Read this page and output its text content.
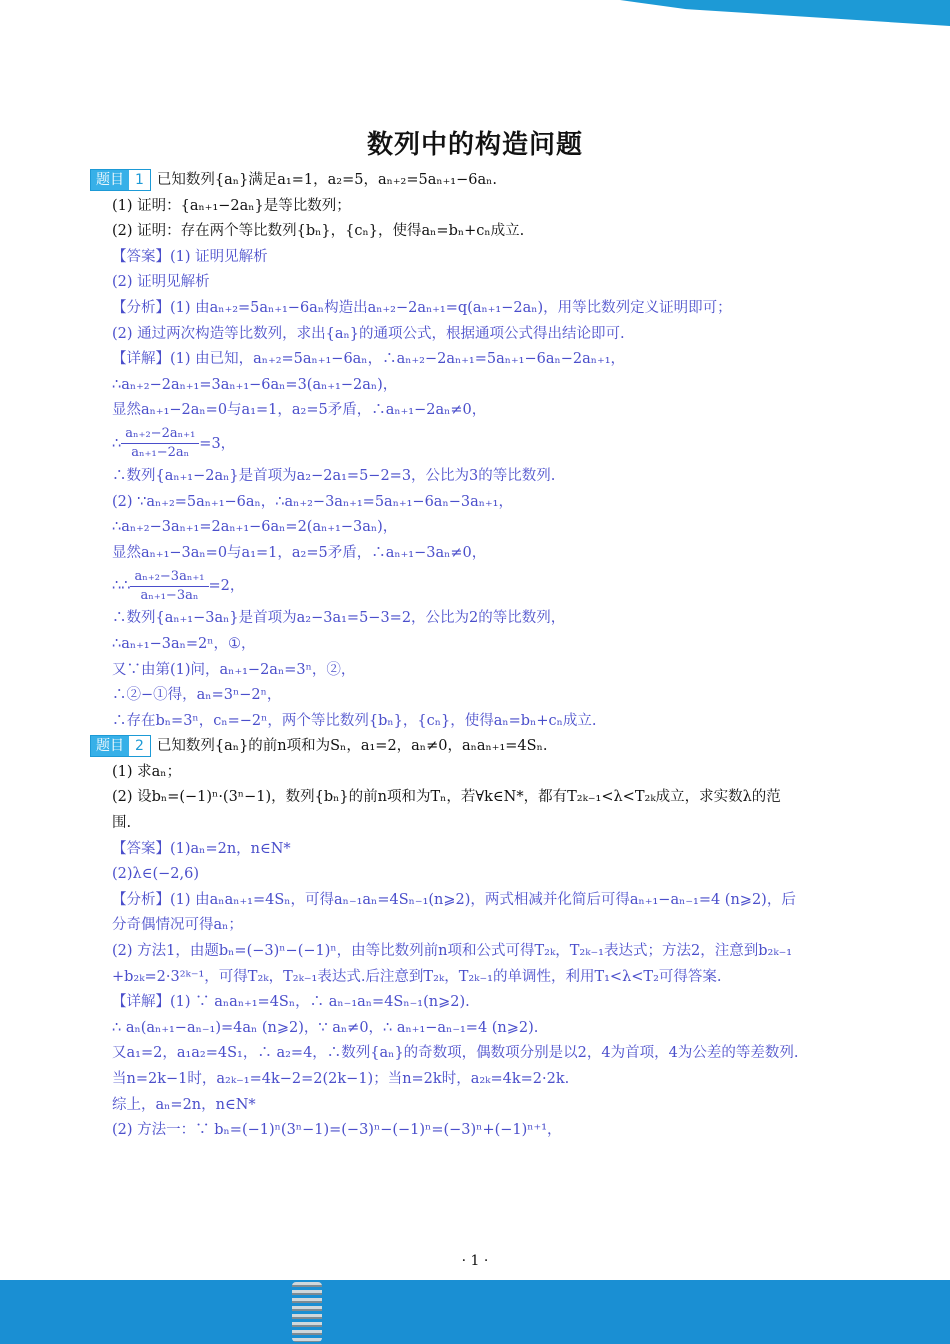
数列中的构造问题
题目 1 已知数列{aₙ}满足a₁=1，a₂=5，aₙ₊₂=5aₙ₊₁−6aₙ.
(1) 证明：{aₙ₊₁−2aₙ}是等比数列；
(2) 证明：存在两个等比数列{bₙ}，{cₙ}，使得aₙ=bₙ+cₙ成立.
【答案】(1) 证明见解析
(2) 证明见解析
【分析】(1) 由aₙ₊₂=5aₙ₊₁−6aₙ构造出aₙ₊₂−2aₙ₊₁=q(aₙ₊₁−2aₙ)，用等比数列定义证明即可；
(2) 通过两次构造等比数列，求出{aₙ}的通项公式，根据通项公式得出结论即可.
【详解】(1) 由已知，aₙ₊₂=5aₙ₊₁−6aₙ，∴aₙ₊₂−2aₙ₊₁=5aₙ₊₁−6aₙ−2aₙ₊₁，
∴aₙ₊₂−2aₙ₊₁=3aₙ₊₁−6aₙ=3(aₙ₊₁−2aₙ)，
显然aₙ₊₁−2aₙ=0与a₁=1，a₂=5矛盾，∴aₙ₊₁−2aₙ≠0，
∴ $\frac{\text{aₙ₊₂−2aₙ₊₁}}{\text{aₙ₊₁−2aₙ}} =3$，
∴数列{aₙ₊₁−2aₙ}是首项为a₂−2a₁=5−2=3，公比为3的等比数列.
(2) ∵aₙ₊₂=5aₙ₊₁−6aₙ，∴aₙ₊₂−3aₙ₊₁=5aₙ₊₁−6aₙ−3aₙ₊₁，
∴aₙ₊₂−3aₙ₊₁=2aₙ₊₁−6aₙ=2(aₙ₊₁−3aₙ)，
显然aₙ₊₁−3aₙ=0与a₁=1，a₂=5矛盾，∴aₙ₊₁−3aₙ≠0，
∴∴ $\frac{\text{aₙ₊₂−3aₙ₊₁}}{\text{aₙ₊₁−3aₙ}} =2$，
∴数列{aₙ₊₁−3aₙ}是首项为a₂−3a₁=5−3=2，公比为2的等比数列，
∴aₙ₊₁−3aₙ=2ⁿ，①，
又∵由第(1)问，aₙ₊₁−2aₙ=3ⁿ，②，
∴②−①得，aₙ=3ⁿ−2ⁿ，
∴存在bₙ=3ⁿ，cₙ=−2ⁿ，两个等比数列{bₙ}，{cₙ}，使得aₙ=bₙ+cₙ成立.
题目 2 已知数列{aₙ}的前n项和为Sₙ，a₁=2，aₙ≠0，aₙaₙ₊₁=4Sₙ.
(1) 求aₙ；
(2) 设bₙ=(−1)ⁿ·(3ⁿ−1)，数列{bₙ}的前n项和为Tₙ，若∀k∈N*，都有T₂ₖ₋₁<λ<T₂ₖ成立，求实数λ的范
围.
【答案】(1)aₙ=2n，n∈N*
(2)λ∈(−2,6)
【分析】(1) 由aₙaₙ₊₁=4Sₙ，可得aₙ₋₁aₙ=4Sₙ₋₁(n⩾2)，两式相减并化简后可得aₙ₊₁−aₙ₋₁=4 (n⩾2)，后
分奇偶情况可得aₙ；
(2) 方法1，由题bₙ=(−3)ⁿ−(−1)ⁿ，由等比数列前n项和公式可得T₂ₖ，T₂ₖ₋₁表达式；方法2，注意到b₂ₖ₋₁
+b₂ₖ=2·3²ᵏ⁻¹，可得T₂ₖ，T₂ₖ₋₁表达式.后注意到T₂ₖ，T₂ₖ₋₁的单调性，利用T₁<λ<T₂可得答案.
【详解】(1) ∵ aₙaₙ₊₁=4Sₙ，∴ aₙ₋₁aₙ=4Sₙ₋₁(n⩾2).
∴ aₙ(aₙ₊₁−aₙ₋₁)=4aₙ (n⩾2)，∵ aₙ≠0，∴ aₙ₊₁−aₙ₋₁=4 (n⩾2).
又a₁=2，a₁a₂=4S₁，∴ a₂=4，∴数列{aₙ}的奇数项，偶数项分别是以2，4为首项，4为公差的等差数列.
当n=2k−1时，a₂ₖ₋₁=4k−2=2(2k−1)；当n=2k时，a₂ₖ=4k=2·2k.
综上，aₙ=2n，n∈N*
(2) 方法一：∵ bₙ=(−1)ⁿ(3ⁿ−1)=(−3)ⁿ−(−1)ⁿ=(−3)ⁿ+(−1)ⁿ⁺¹，
· 1 ·
